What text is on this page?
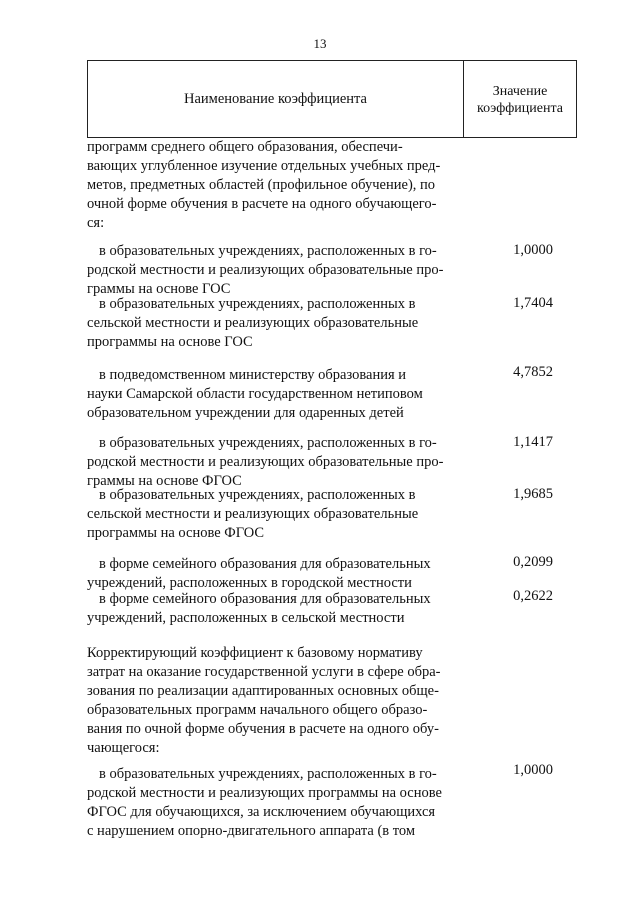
13
Наименование коэффициента	Значение
коэффициента

программ среднего общего образования, обеспечи-

вающих углубленное изучение отдельных учебных пред-

метов, предметных областей (профильное обучение), по

очной форме обучения в расчете на одного обучающего-

ся:

в образовательных учреждениях, расположенных в го-

родской местности и реализующих образовательные про-

граммы на основе ГОС

1,0000

в образовательных учреждениях, расположенных в

сельской местности и реализующих образовательные

программы на основе ГОС

1,7404

в подведомственном министерству образования и

науки Самарской области государственном нетиповом

образовательном учреждении для одаренных детей

4,7852

в образовательных учреждениях, расположенных в го-

родской местности и реализующих образовательные про-

граммы на основе ФГОС

1,1417

в образовательных учреждениях, расположенных в

сельской местности и реализующих образовательные

программы на основе ФГОС

1,9685

в форме семейного образования для образовательных

учреждений, расположенных в городской местности

0,2099

в форме семейного образования для образовательных

учреждений, расположенных в сельской местности

0,2622

Корректирующий коэффициент к базовому нормативу

затрат на оказание государственной услуги в сфере обра-

зования по реализации адаптированных основных обще-

образовательных программ начального общего образо-

вания по очной форме обучения в расчете на одного обу-

чающегося:

в образовательных учреждениях, расположенных в го-

родской местности и реализующих программы на основе

ФГОС для обучающихся, за исключением обучающихся

с нарушением опорно-двигательного аппарата (в том

1,0000
